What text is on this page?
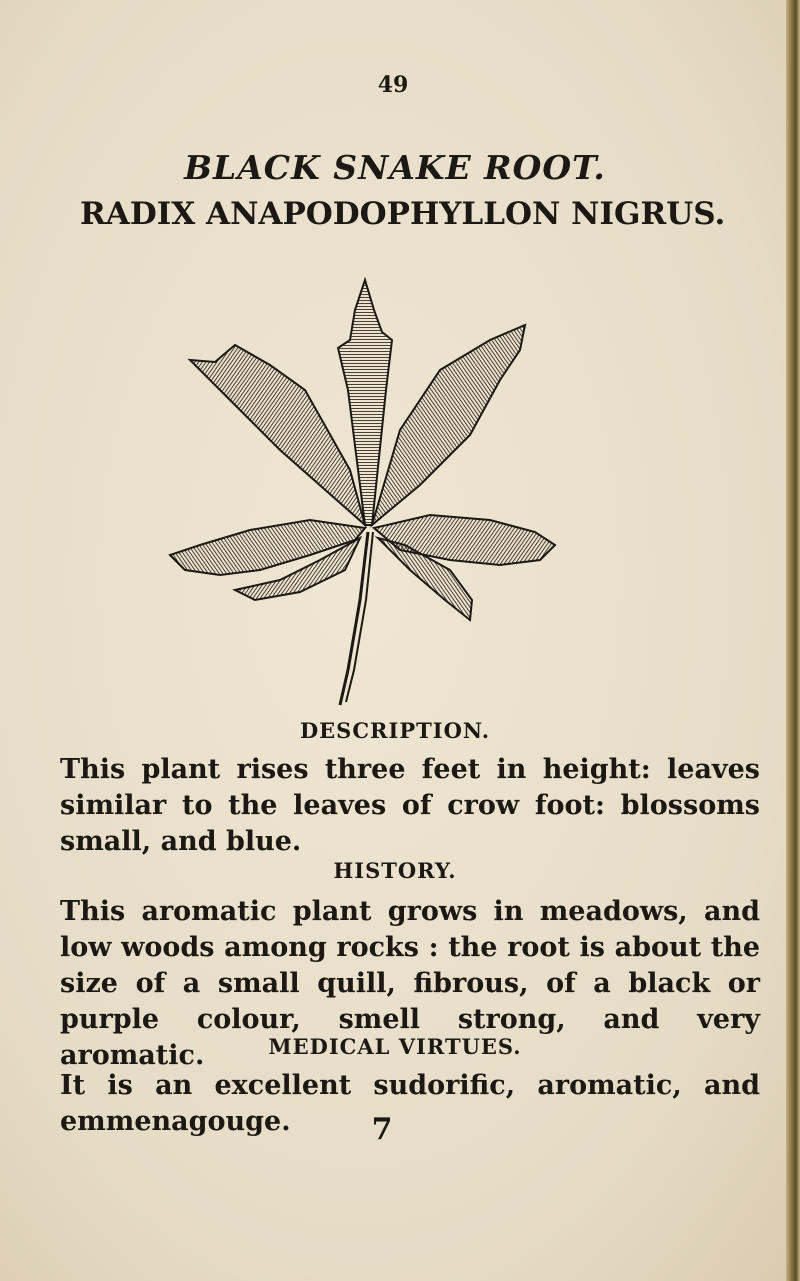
49
BLACK SNAKE ROOT.
RADIX ANAPODOPHYLLON NIGRUS.
DESCRIPTION.
This plant rises three feet in height: leaves similar to the leaves of crow foot: blossoms small, and blue.
HISTORY.
This aromatic plant grows in meadows, and low woods among rocks : the root is about the size of a small quill, fibrous, of a black or purple colour, smell strong, and very aromatic.	MEDICAL VIRTUES.
It is an excellent sudorific, aromatic, and emmenagouge.	7
